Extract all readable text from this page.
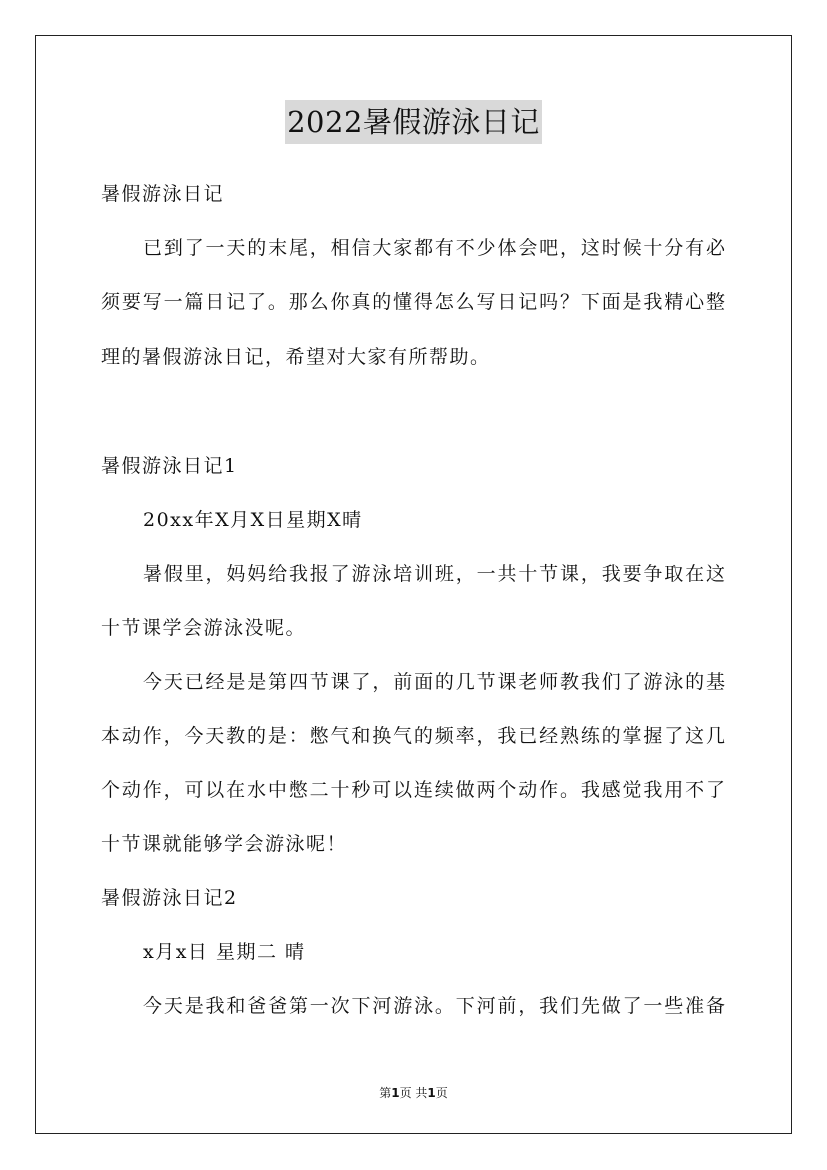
2022暑假游泳日记
暑假游泳日记
已到了一天的末尾，相信大家都有不少体会吧，这时候十分有必
须要写一篇日记了。那么你真的懂得怎么写日记吗？下面是我精心整
理的暑假游泳日记，希望对大家有所帮助。
暑假游泳日记1
20xx年X月X日星期X晴
暑假里，妈妈给我报了游泳培训班，一共十节课，我要争取在这
十节课学会游泳没呢。
今天已经是是第四节课了，前面的几节课老师教我们了游泳的基
本动作，今天教的是：憋气和换气的频率，我已经熟练的掌握了这几
个动作，可以在水中憋二十秒可以连续做两个动作。我感觉我用不了
十节课就能够学会游泳呢！
暑假游泳日记2
x月x日 星期二 晴
今天是我和爸爸第一次下河游泳。下河前，我们先做了一些准备
第1页 共1页
